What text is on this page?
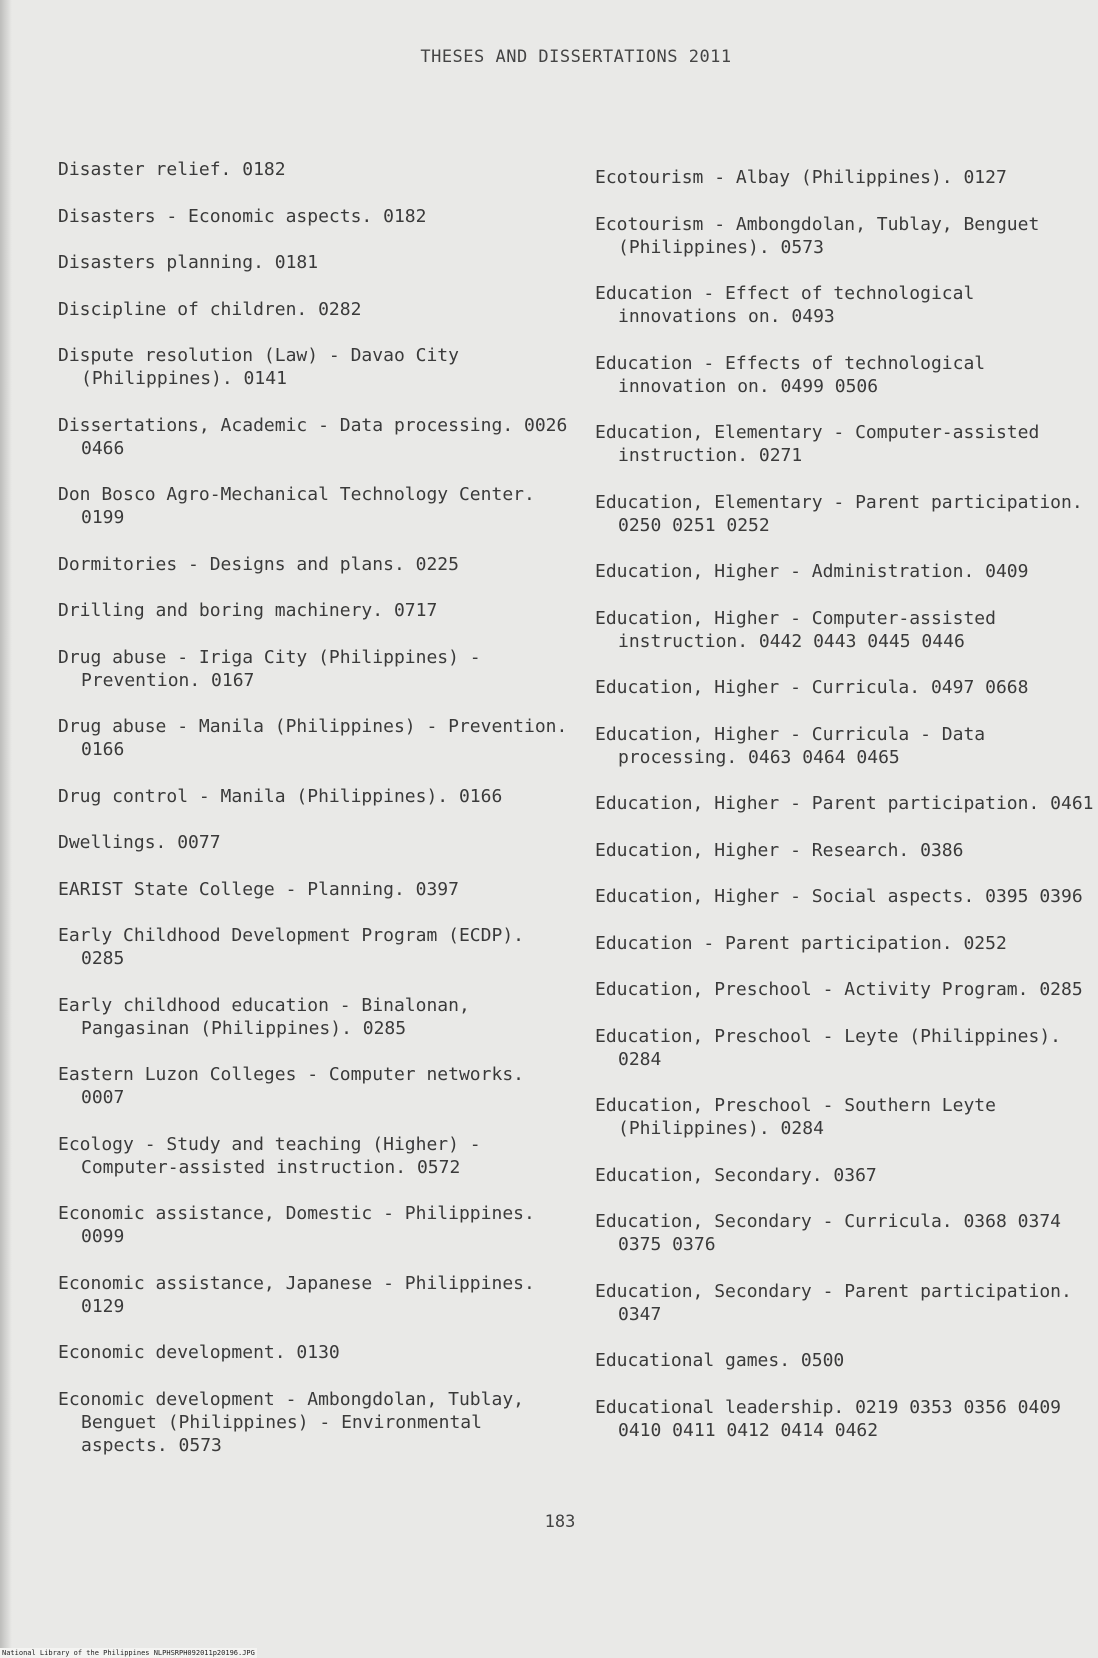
THESES AND DISSERTATIONS 2011

Disaster relief. 0182

Disasters - Economic aspects. 0182

Disasters planning. 0181

Discipline of children. 0282

Dispute resolution (Law) - Davao City (Philippines). 0141

Dissertations, Academic - Data processing. 0026 0466

Don Bosco Agro-Mechanical Technology Center. 0199

Dormitories - Designs and plans. 0225

Drilling and boring machinery. 0717

Drug abuse - Iriga City (Philippines) - Prevention. 0167

Drug abuse - Manila (Philippines) - Prevention. 0166

Drug control - Manila (Philippines). 0166

Dwellings. 0077

EARIST State College - Planning. 0397

Early Childhood Development Program (ECDP). 0285

Early childhood education - Binalonan, Pangasinan (Philippines). 0285

Eastern Luzon Colleges - Computer networks. 0007

Ecology - Study and teaching (Higher) - Computer-assisted instruction. 0572

Economic assistance, Domestic - Philippines. 0099

Economic assistance, Japanese - Philippines. 0129

Economic development. 0130

Economic development - Ambongdolan, Tublay, Benguet (Philippines) - Environmental aspects. 0573

Ecotourism - Albay (Philippines). 0127

Ecotourism - Ambongdolan, Tublay, Benguet (Philippines). 0573

Education - Effect of technological innovations on. 0493

Education - Effects of technological innovation on. 0499 0506

Education, Elementary - Computer-assisted instruction. 0271

Education, Elementary - Parent participation. 0250 0251 0252

Education, Higher - Administration. 0409

Education, Higher - Computer-assisted instruction. 0442 0443 0445 0446

Education, Higher - Curricula. 0497 0668

Education, Higher - Curricula - Data processing. 0463 0464 0465

Education, Higher - Parent participation. 0461

Education, Higher - Research. 0386

Education, Higher - Social aspects. 0395 0396

Education - Parent participation. 0252

Education, Preschool - Activity Program. 0285

Education, Preschool - Leyte (Philippines). 0284

Education, Preschool - Southern Leyte (Philippines). 0284

Education, Secondary. 0367

Education, Secondary - Curricula. 0368 0374 0375 0376

Education, Secondary - Parent participation. 0347

Educational games. 0500

Educational leadership. 0219 0353 0356 0409 0410 0411 0412 0414 0462

183
National Library of the Philippines NLPHSRPH092011p20196.JPG
